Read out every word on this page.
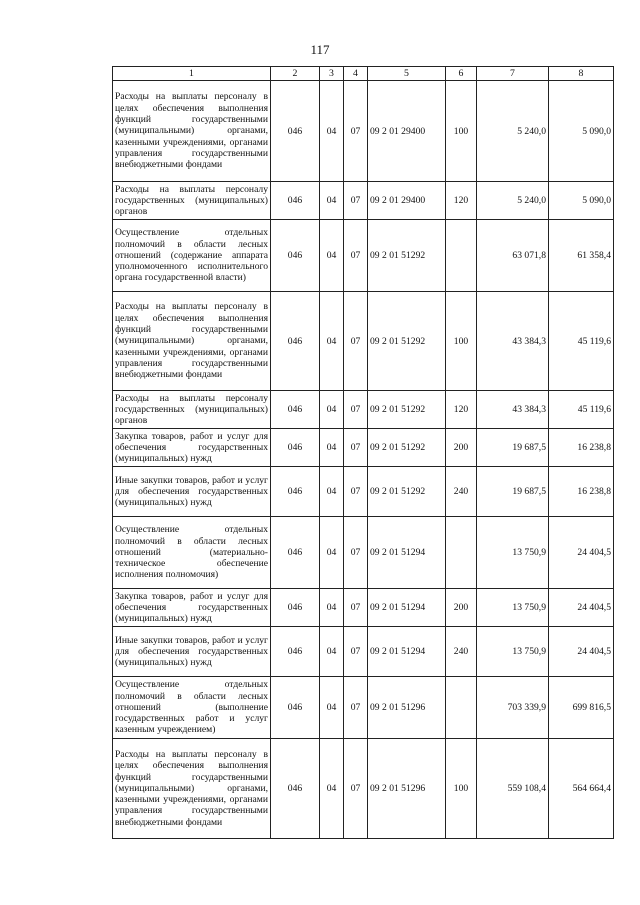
117
1	2	3	4	5	6	7	8
Расходы на выплаты персоналу в целях обеспечения выполнения функций государственными (муниципальными) органами, казенными учреждениями, органами управления государственными внебюджетными фондами	046	04	07	09 2 01 29400	100	5 240,0	5 090,0
Расходы на выплаты персоналу государственных (муниципальных) органов	046	04	07	09 2 01 29400	120	5 240,0	5 090,0
Осуществление отдельных полномочий в области лесных отношений (содержание аппарата уполномоченного исполнительного органа государственной власти)	046	04	07	09 2 01 51292		63 071,8	61 358,4
Расходы на выплаты персоналу в целях обеспечения выполнения функций государственными (муниципальными) органами, казенными учреждениями, органами управления государственными внебюджетными фондами	046	04	07	09 2 01 51292	100	43 384,3	45 119,6
Расходы на выплаты персоналу государственных (муниципальных) органов	046	04	07	09 2 01 51292	120	43 384,3	45 119,6
Закупка товаров, работ и услуг для обеспечения государственных (муниципальных) нужд	046	04	07	09 2 01 51292	200	19 687,5	16 238,8
Иные закупки товаров, работ и услуг для обеспечения государственных (муниципальных) нужд	046	04	07	09 2 01 51292	240	19 687,5	16 238,8
Осуществление отдельных полномочий в области лесных отношений (материально-техническое обеспечение исполнения полномочия)	046	04	07	09 2 01 51294		13 750,9	24 404,5
Закупка товаров, работ и услуг для обеспечения государственных (муниципальных) нужд	046	04	07	09 2 01 51294	200	13 750,9	24 404,5
Иные закупки товаров, работ и услуг для обеспечения государственных (муниципальных) нужд	046	04	07	09 2 01 51294	240	13 750,9	24 404,5
Осуществление отдельных полномочий в области лесных отношений (выполнение государственных работ и услуг казенным учреждением)	046	04	07	09 2 01 51296		703 339,9	699 816,5
Расходы на выплаты персоналу в целях обеспечения выполнения функций государственными (муниципальными) органами, казенными учреждениями, органами управления государственными внебюджетными фондами	046	04	07	09 2 01 51296	100	559 108,4	564 664,4
